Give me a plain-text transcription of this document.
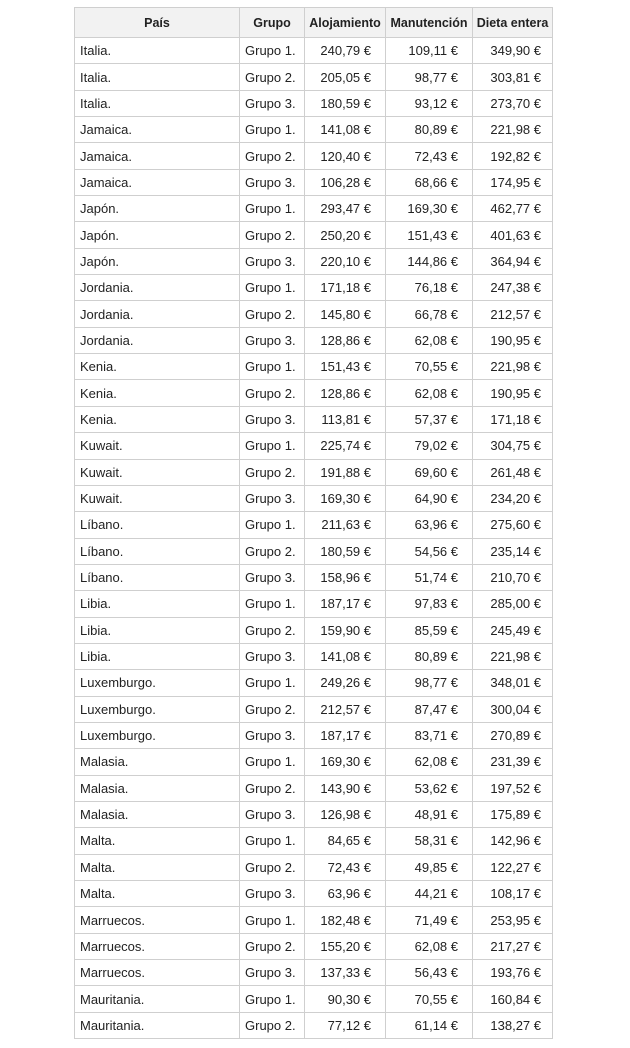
País	Grupo	Alojamiento	Manutención	Dieta entera
Italia.	Grupo 1.	240,79 €	109,11 €	349,90 €
Italia.	Grupo 2.	205,05 €	98,77 €	303,81 €
Italia.	Grupo 3.	180,59 €	93,12 €	273,70 €
Jamaica.	Grupo 1.	141,08 €	80,89 €	221,98 €
Jamaica.	Grupo 2.	120,40 €	72,43 €	192,82 €
Jamaica.	Grupo 3.	106,28 €	68,66 €	174,95 €
Japón.	Grupo 1.	293,47 €	169,30 €	462,77 €
Japón.	Grupo 2.	250,20 €	151,43 €	401,63 €
Japón.	Grupo 3.	220,10 €	144,86 €	364,94 €
Jordania.	Grupo 1.	171,18 €	76,18 €	247,38 €
Jordania.	Grupo 2.	145,80 €	66,78 €	212,57 €
Jordania.	Grupo 3.	128,86 €	62,08 €	190,95 €
Kenia.	Grupo 1.	151,43 €	70,55 €	221,98 €
Kenia.	Grupo 2.	128,86 €	62,08 €	190,95 €
Kenia.	Grupo 3.	113,81 €	57,37 €	171,18 €
Kuwait.	Grupo 1.	225,74 €	79,02 €	304,75 €
Kuwait.	Grupo 2.	191,88 €	69,60 €	261,48 €
Kuwait.	Grupo 3.	169,30 €	64,90 €	234,20 €
Líbano.	Grupo 1.	211,63 €	63,96 €	275,60 €
Líbano.	Grupo 2.	180,59 €	54,56 €	235,14 €
Líbano.	Grupo 3.	158,96 €	51,74 €	210,70 €
Libia.	Grupo 1.	187,17 €	97,83 €	285,00 €
Libia.	Grupo 2.	159,90 €	85,59 €	245,49 €
Libia.	Grupo 3.	141,08 €	80,89 €	221,98 €
Luxemburgo.	Grupo 1.	249,26 €	98,77 €	348,01 €
Luxemburgo.	Grupo 2.	212,57 €	87,47 €	300,04 €
Luxemburgo.	Grupo 3.	187,17 €	83,71 €	270,89 €
Malasia.	Grupo 1.	169,30 €	62,08 €	231,39 €
Malasia.	Grupo 2.	143,90 €	53,62 €	197,52 €
Malasia.	Grupo 3.	126,98 €	48,91 €	175,89 €
Malta.	Grupo 1.	84,65 €	58,31 €	142,96 €
Malta.	Grupo 2.	72,43 €	49,85 €	122,27 €
Malta.	Grupo 3.	63,96 €	44,21 €	108,17 €
Marruecos.	Grupo 1.	182,48 €	71,49 €	253,95 €
Marruecos.	Grupo 2.	155,20 €	62,08 €	217,27 €
Marruecos.	Grupo 3.	137,33 €	56,43 €	193,76 €
Mauritania.	Grupo 1.	90,30 €	70,55 €	160,84 €
Mauritania.	Grupo 2.	77,12 €	61,14 €	138,27 €
